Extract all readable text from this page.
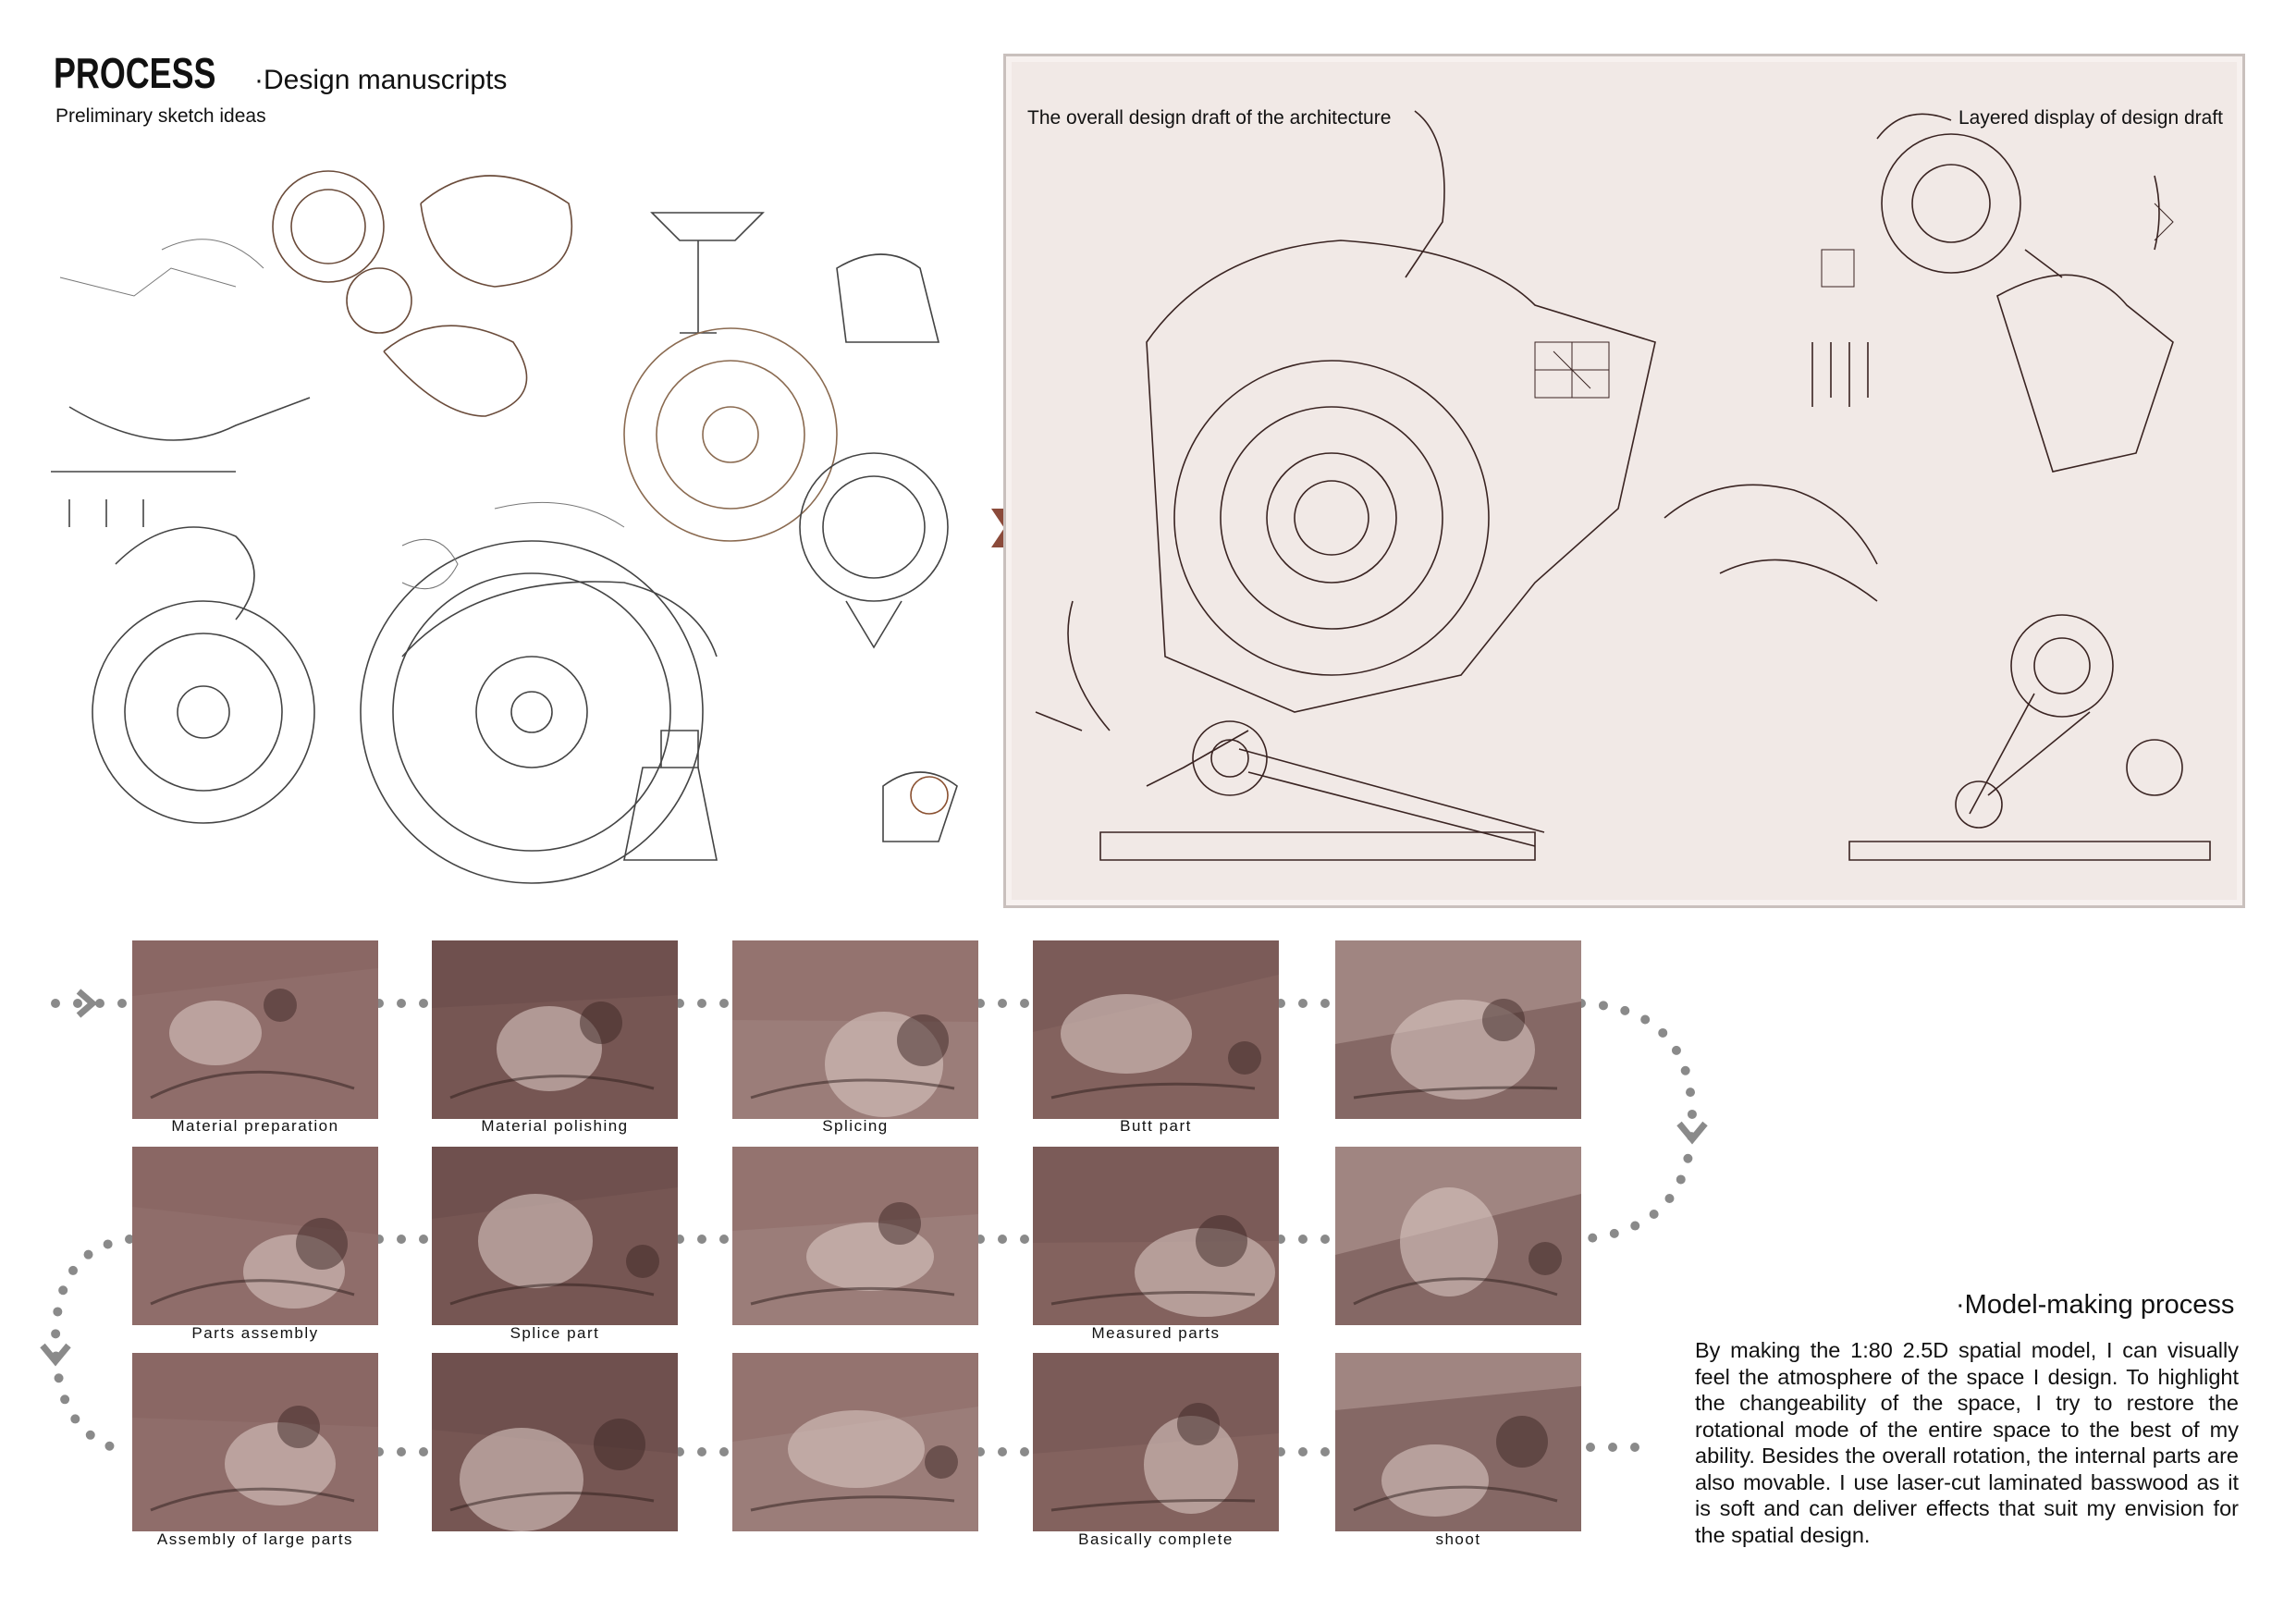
PROCESS ·Design manuscripts
Preliminary sketch ideas	The overall design draft of the architecture	Layered display of design draft
Material preparation	Material polishing	Splicing	Butt part
Parts assembly	Splice part	Measured parts
Assembly of large parts	Basically complete	shoot
·Model-making process
By making the 1:80 2.5D spatial model, I can visually feel the atmosphere of the space I design. To highlight the changeability of the space, I try to restore the rotational mode of the entire space to the best of my ability. Besides the overall rotation, the internal parts are also movable. I use laser-cut laminated basswood as it is soft and can deliver effects that suit my envision for the spatial design.
